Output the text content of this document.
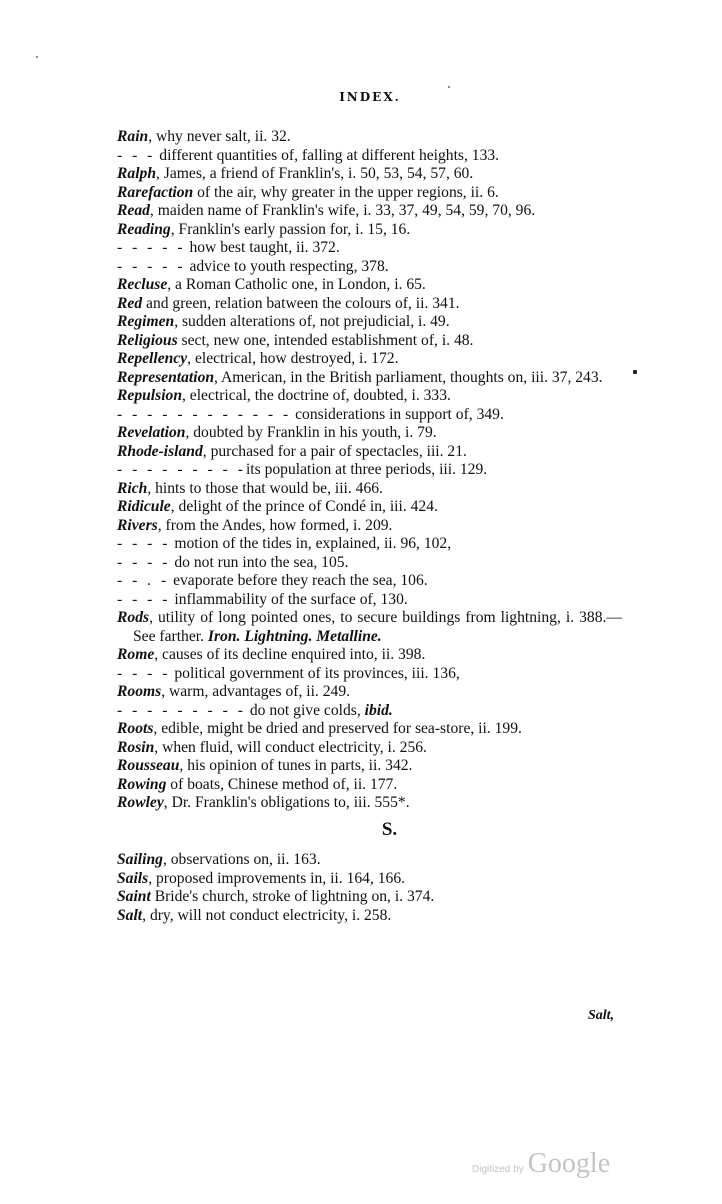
INDEX.

Rain, why never salt, ii. 32.

- - - different quantities of, falling at different heights, 133.

Ralph, James, a friend of Franklin's, i. 50, 53, 54, 57, 60.

Rarefaction of the air, why greater in the upper regions, ii. 6.

Read, maiden name of Franklin's wife, i. 33, 37, 49, 54, 59, 70, 96.

Reading, Franklin's early passion for, i. 15, 16.

- - - - - how best taught, ii. 372.

- - - - - advice to youth respecting, 378.

Recluse, a Roman Catholic one, in London, i. 65.

Red and green, relation batween the colours of, ii. 341.

Regimen, sudden alterations of, not prejudicial, i. 49.

Religious sect, new one, intended establishment of, i. 48.

Repellency, electrical, how destroyed, i. 172.

Representation, American, in the British parliament, thoughts on, iii. 37, 243.

Repulsion, electrical, the doctrine of, doubted, i. 333.

- - - - - - - - - - - - considerations in support of, 349.

Revelation, doubted by Franklin in his youth, i. 79.

Rhode-island, purchased for a pair of spectacles, iii. 21.

- - - - - - - - -its population at three periods, iii. 129.

Rich, hints to those that would be, iii. 466.

Ridicule, delight of the prince of Condé in, iii. 424.

Rivers, from the Andes, how formed, i. 209.

- - - - motion of the tides in, explained, ii. 96, 102,

- - - - do not run into the sea, 105.

- - . - evaporate before they reach the sea, 106.

- - - - inflammability of the surface of, 130.

Rods, utility of long pointed ones, to secure buildings from lightning, i. 388.—See farther. Iron. Lightning. Metalline.

Rome, causes of its decline enquired into, ii. 398.

- - - - political government of its provinces, iii. 136,

Rooms, warm, advantages of, ii. 249.

- - - - - - - - - do not give colds, ibid.

Roots, edible, might be dried and preserved for sea-store, ii. 199.

Rosin, when fluid, will conduct electricity, i. 256.

Rousseau, his opinion of tunes in parts, ii. 342.

Rowing of boats, Chinese method of, ii. 177.

Rowley, Dr. Franklin's obligations to, iii. 555*.

S.

Sailing, observations on, ii. 163.

Sails, proposed improvements in, ii. 164, 166.

Saint Bride's church, stroke of lightning on, i. 374.

Salt, dry, will not conduct electricity, i. 258.

Salt,
Digitized by Google
